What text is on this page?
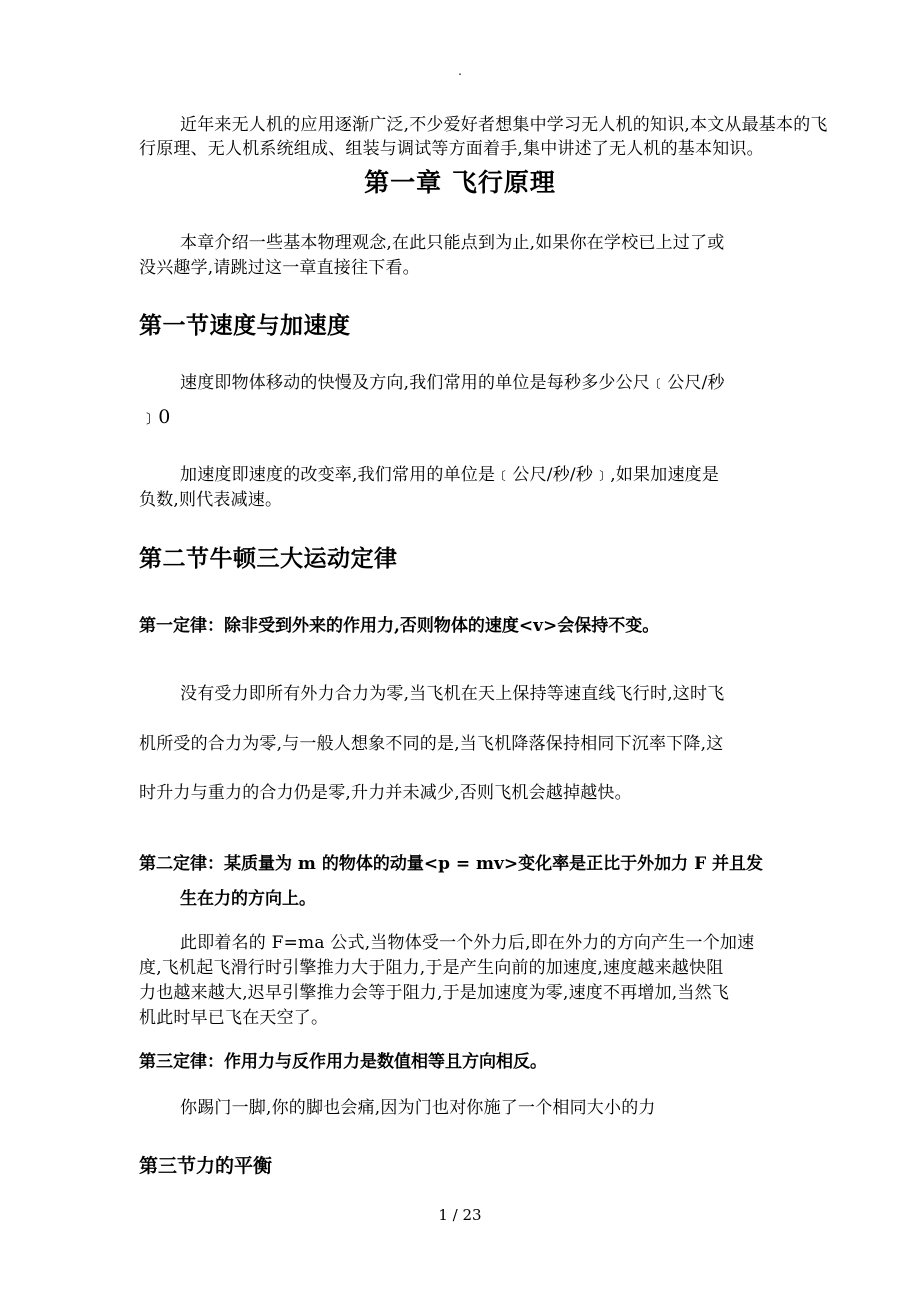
.

近年来无人机的应用逐渐广泛,不少爱好者想集中学习无人机的知识,本文从最基本的飞

行原理、无人机系统组成、组装与调试等方面着手,集中讲述了无人机的基本知识。

第一章 飞行原理

本章介绍一些基本物理观念,在此只能点到为止,如果你在学校已上过了或

没兴趣学,请跳过这一章直接往下看。

第一节速度与加速度

速度即物体移动的快慢及方向,我们常用的单位是每秒多少公尺﹝公尺/秒

﹞0

加速度即速度的改变率,我们常用的单位是﹝公尺/秒/秒﹞,如果加速度是

负数,则代表减速。

第二节牛顿三大运动定律

第一定律：除非受到外来的作用力,否则物体的速度<v>会保持不变。

没有受力即所有外力合力为零,当飞机在天上保持等速直线飞行时,这时飞

机所受的合力为零,与一般人想象不同的是,当飞机降落保持相同下沉率下降,这

时升力与重力的合力仍是零,升力并未减少,否则飞机会越掉越快。

第二定律：某质量为 m 的物体的动量<p = mv>变化率是正比于外加力 F 并且发

生在力的方向上。

此即着名的 F=ma 公式,当物体受一个外力后,即在外力的方向产生一个加速

度,飞机起飞滑行时引擎推力大于阻力,于是产生向前的加速度,速度越来越快阻

力也越来越大,迟早引擎推力会等于阻力,于是加速度为零,速度不再增加,当然飞

机此时早已飞在天空了。

第三定律：作用力与反作用力是数值相等且方向相反。

你踢门一脚,你的脚也会痛,因为门也对你施了一个相同大小的力

第三节力的平衡

1 / 23
